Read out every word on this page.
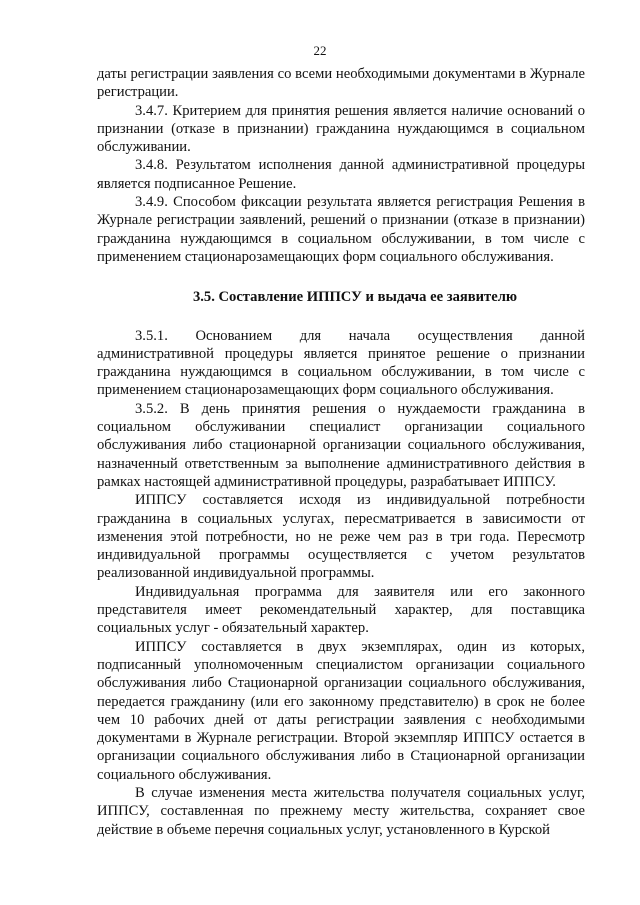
22

даты регистрации заявления со всеми необходимыми документами в Журнале регистрации.

3.4.7. Критерием для принятия решения является наличие оснований о признании (отказе в признании) гражданина нуждающимся в социальном обслуживании.

3.4.8. Результатом исполнения данной административной процедуры является подписанное Решение.

3.4.9. Способом фиксации результата является регистрация Решения в Журнале регистрации заявлений, решений о признании (отказе в признании) гражданина нуждающимся в социальном обслуживании, в том числе с применением стационарозамещающих форм социального обслуживания.

3.5. Составление ИППСУ и выдача ее заявителю

3.5.1. Основанием для начала осуществления данной административной процедуры является принятое решение о признании гражданина нуждающимся в социальном обслуживании, в том числе с применением стационарозамещающих форм социального обслуживания.

3.5.2. В день принятия решения о нуждаемости гражданина в социальном обслуживании специалист организации социального обслуживания либо стационарной организации социального обслуживания, назначенный ответственным за выполнение административного действия в рамках настоящей административной процедуры, разрабатывает ИППСУ.

ИППСУ составляется исходя из индивидуальной потребности гражданина в социальных услугах, пересматривается в зависимости от изменения этой потребности, но не реже чем раз в три года. Пересмотр индивидуальной программы осуществляется с учетом результатов реализованной индивидуальной программы.

Индивидуальная программа для заявителя или его законного представителя имеет рекомендательный характер, для поставщика социальных услуг - обязательный характер.

ИППСУ составляется в двух экземплярах, один из которых, подписанный уполномоченным специалистом организации социального обслуживания либо Стационарной организации социального обслуживания, передается гражданину (или его законному представителю) в срок не более чем 10 рабочих дней от даты регистрации заявления с необходимыми документами в Журнале регистрации. Второй экземпляр ИППСУ остается в организации социального обслуживания либо в Стационарной организации социального обслуживания.

В случае изменения места жительства получателя социальных услуг, ИППСУ, составленная по прежнему месту жительства, сохраняет свое действие в объеме перечня социальных услуг, установленного в Курской
